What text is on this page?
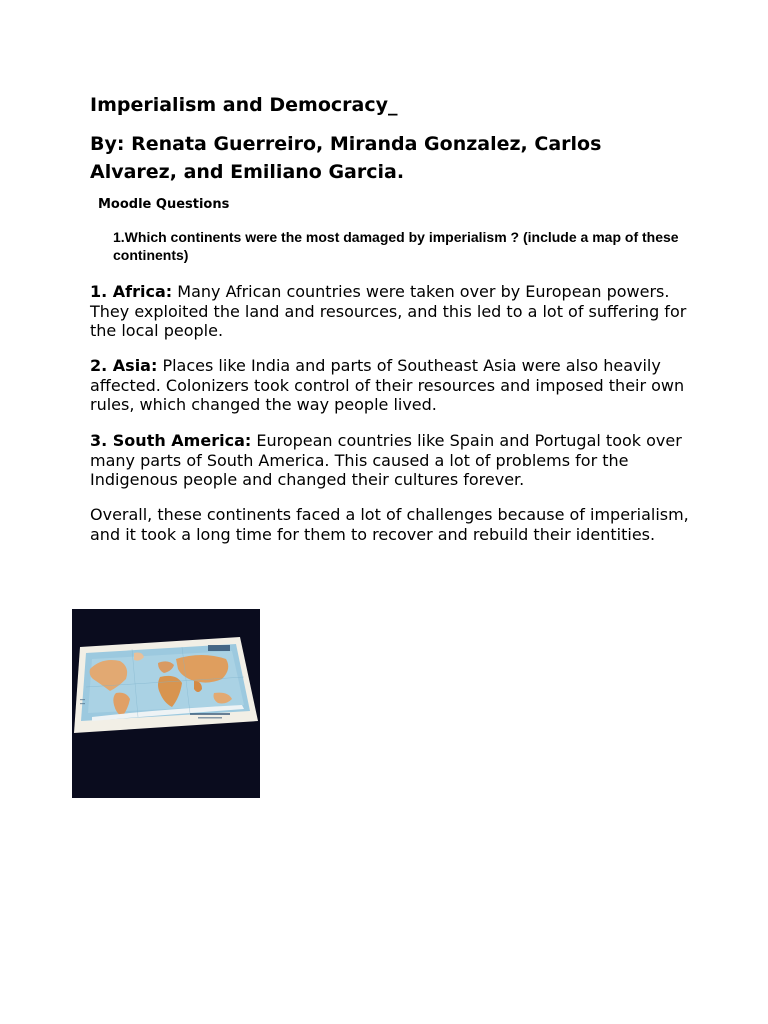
Imperialism and Democracy_
By: Renata Guerreiro, Miranda Gonzalez, Carlos Alvarez, and Emiliano Garcia.

Moodle Questions

1.Which continents were the most damaged by imperialism ? (include a map of these continents)

1. Africa: Many African countries were taken over by European powers. They exploited the land and resources, and this led to a lot of suffering for the local people.

2. Asia: Places like India and parts of Southeast Asia were also heavily affected. Colonizers took control of their resources and imposed their own rules, which changed the way people lived.

3. South America: European countries like Spain and Portugal took over many parts of South America. This caused a lot of problems for the Indigenous people and changed their cultures forever.

Overall, these continents faced a lot of challenges because of imperialism, and it took a long time for them to recover and rebuild their identities.
